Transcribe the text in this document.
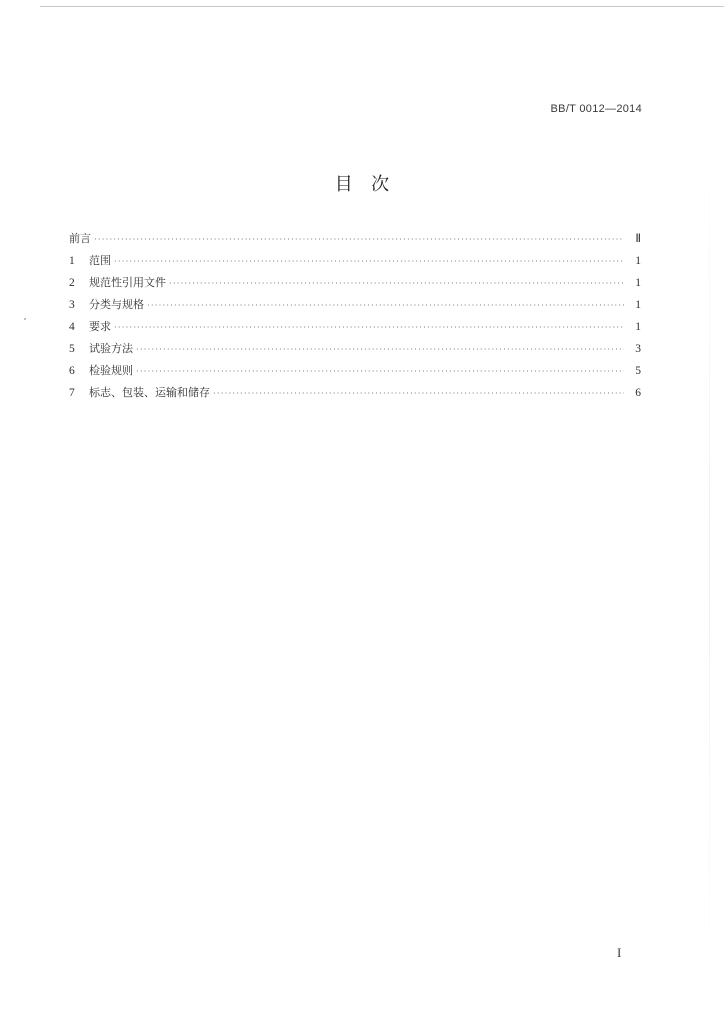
BB/T 0012—2014
目　次
前言 ·····	Ⅱ
1	范围 ·····	1
2	规范性引用文件 ·····	1
3	分类与规格 ·····	1
4	要求 ·····	1
5	试验方法 ·····	3
6	检验规则 ·····	5
7	标志、包装、运输和储存 ·····	6
I
